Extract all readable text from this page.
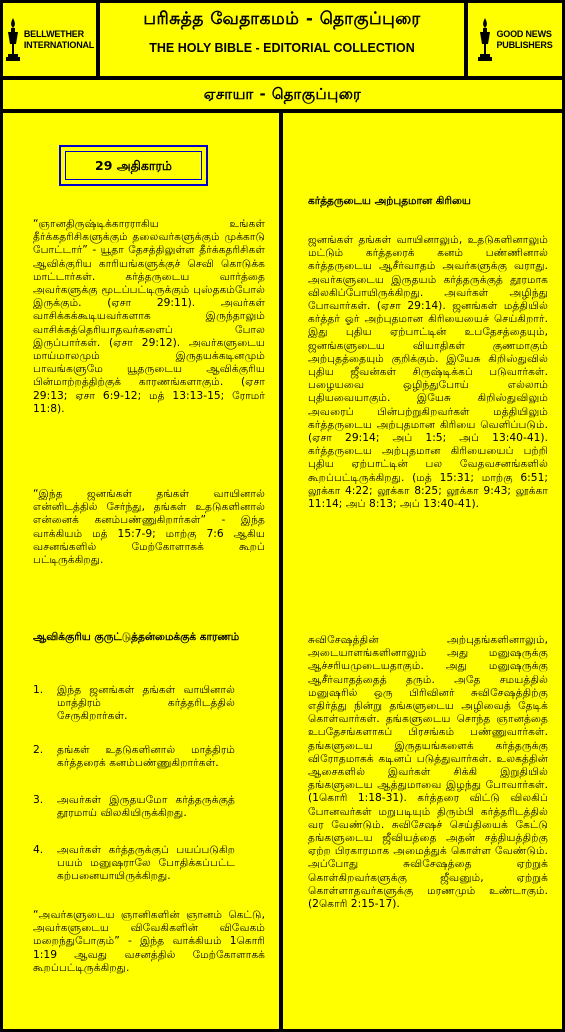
BELLWETHER
INTERNATIONAL
பரிசுத்த வேதாகமம் - தொகுப்புரை
THE HOLY BIBLE - EDITORIAL COLLECTION
GOOD NEWS
PUBLISHERS
ஏசாயா - தொகுப்புரை
29 அதிகாரம்
“ஞானதிருஷ்டிக்காரராகிய உங்கள் தீர்க்கதரிசிகளுக்கும் தலைவர்களுக்கும் முக்காடு போட்டார்” - யூதா தேசத்திலுள்ள தீர்க்கதரிசிகள் ஆவிக்குரிய காரியங்களுக்குச் செவி கொடுக்க மாட்டார்கள். கர்த்தருடைய வார்த்தை அவர்களுக்கு மூடப்பட்டிருக்கும் புஸ்தகம்போல் இருக்கும். (ஏசா 29:11). அவர்கள் வாசிக்கக்கூடியவர்களாக இருந்தாலும் வாசிக்கத்தெரியாதவர்களைப் போல இருப்பார்கள். (ஏசா 29:12). அவர்களுடைய மாய்மாலமும் இருதயக்கடினமும் பாவங்களுமே யூதருடைய ஆவிக்குரிய பின்மாற்றத்திற்குக் காரணங்களாகும். (ஏசா 29:13; ஏசா 6:9-12; மத் 13:13-15; ரோமர் 11:8).
“இந்த ஜனங்கள் தங்கள் வாயினால் என்னிடத்தில் சேர்ந்து, தங்கள் உதடுகளினால் என்னைக் கனம்பண்ணுகிறார்கள்” - இந்த வாக்கியம் மத் 15:7-9; மாற்கு 7:6 ஆகிய வசனங்களில் மேற்கோளாகக் கூறப் பட்டிருக்கிறது.
ஆவிக்குரிய குருட்டுத்தன்மைக்குக் காரணம்
1.	இந்த ஜனங்கள் தங்கள் வாயினால் மாத்திரம் கர்த்தரிடத்தில் சேருகிறார்கள்.
2.	தங்கள் உதடுகளினால் மாத்திரம் கர்த்தரைக் கனம்பண்ணுகிறார்கள்.
3.	அவர்கள் இருதயமோ கர்த்தருக்குத் தூரமாய் விலகியிருக்கிறது.
4.	அவர்கள் கர்த்தருக்குப் பயப்படுகிற பயம் மனுஷராலே போதிக்கப்பட்ட கற்பனையாயிருக்கிறது.
“அவர்களுடைய ஞானிகளின் ஞானம் கெட்டு, அவர்களுடைய விவேகிகளின் விவேகம் மறைந்துபோகும்” - இந்த வாக்கியம் 1கொரி 1:19 ஆவது வசனத்தில் மேற்கோளாகக் கூறப்பட்டிருக்கிறது.
கர்த்தருடைய அற்புதமான கிரியை
ஜனங்கள் தங்கள் வாயினாலும், உதடுகளினாலும் மட்டும் கர்த்தரைக் கனம் பண்ணினால் கர்த்தருடைய ஆசீர்வாதம் அவர்களுக்கு வராது. அவர்களுடைய இருதயம் கர்த்தருக்குத் தூரமாக விலகிப்போயிருக்கிறது. அவர்கள் அழிந்து போவார்கள். (ஏசா 29:14). ஜனங்கள் மத்தியில் கர்த்தர் ஓர் அற்புதமான கிரியையைச் செய்கிறார். இது புதிய ஏற்பாட்டின் உபதேசத்தையும், ஜனங்களுடைய வியாதிகள் குணமாகும் அற்புதத்தையும் குறிக்கும். இயேசு கிறிஸ்துவில் புதிய ஜீவன்கள் சிருஷ்டிக்கப் படுவார்கள். பழையவை ஒழிந்துபோய் எல்லாம் புதியவையாகும். இயேசு கிறிஸ்துவிலும் அவரைப் பின்பற்றுகிறவர்கள் மத்தியிலும் கர்த்தருடைய அற்புதமான கிரியை வெளிப்படும். (ஏசா 29:14; அப் 1:5; அப் 13:40-41). கர்த்தருடைய அற்புதமான கிரியையைப் பற்றி புதிய ஏற்பாட்டின் பல வேதவசனங்களில் கூறப்பட்டிருக்கிறது. (மத் 15:31; மாற்கு 6:51; லூக்கா 4:22; லூக்கா 8:25; லூக்கா 9:43; லூக்கா 11:14; அப் 8:13; அப் 13:40-41).
சுவிசேஷத்தின் அற்புதங்களினாலும், அடையாளங்களினாலும் அது மனுஷருக்கு ஆச்சரியமுடையதாகும். அது மனுஷருக்கு ஆசீர்வாதத்தைத் தரும். அதே சமயத்தில் மனுஷரில் ஒரு பிரிவினர் சுவிசேஷத்திற்கு எதிர்த்து நின்று தங்களுடைய அழிவைத் தேடிக் கொள்வார்கள். தங்களுடைய சொந்த ஞானத்தை உபதேசங்களாகப் பிரசங்கம் பண்ணுவார்கள். தங்களுடைய இருதயங்களைக் கர்த்தருக்கு விரோதமாகக் கடினப் படுத்துவார்கள். உலகத்தின் ஆசைகளில் இவர்கள் சிக்கி இறுதியில் தங்களுடைய ஆத்துமாவை இழந்து போவார்கள். (1கொரி 1:18-31). கர்த்தரை விட்டு விலகிப் போனவர்கள் மறுபடியும் திரும்பி கர்த்தரிடத்தில் வர வேண்டும். சுவிசேஷச் செய்தியைக் கேட்டு தங்களுடைய ஜீவியத்தை அதன் சத்தியத்திற்கு ஏற்ற பிரகாரமாக அமைத்துக் கொள்ள வேண்டும். அப்போது சுவிசேஷத்தை ஏற்றுக் கொள்கிறவர்களுக்கு ஜீவனும், ஏற்றுக் கொள்ளாதவர்களுக்கு மரணமும் உண்டாகும். (2கொரி 2:15-17).
